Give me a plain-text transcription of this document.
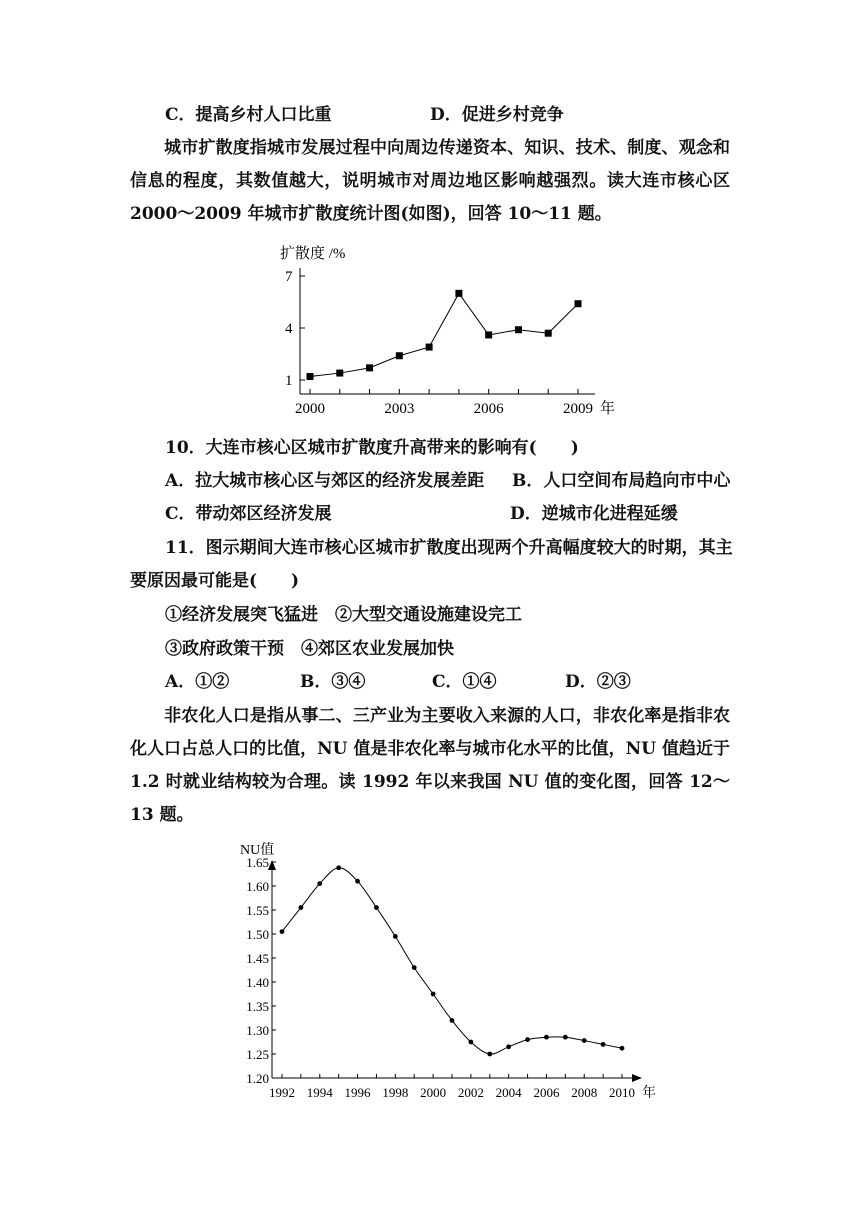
C．提高乡村人口比重	D．促进乡村竞争
城市扩散度指城市发展过程中向周边传递资本、知识、技术、制度、观念和信息的程度，其数值越大，说明城市对周边地区影响越强烈。读大连市核心区 2000～2009 年城市扩散度统计图(如图)，回答 10～11 题。
扩散度 /%
1
4
7
2000	2003	2006	2009 年
10．大连市核心区城市扩散度升高带来的影响有(　　)
A．拉大城市核心区与郊区的经济发展差距 B．人口空间布局趋向市中心
C．带动郊区经济发展	D．逆城市化进程延缓
11．图示期间大连市核心区城市扩散度出现两个升高幅度较大的时期，其主
要原因最可能是(　　)
①经济发展突飞猛进　②大型交通设施建设完工
③政府政策干预　④郊区农业发展加快
A．①②	B．③④	C．①④	D．②③
非农化人口是指从事二、三产业为主要收入来源的人口，非农化率是指非农化人口占总人口的比值，NU 值是非农化率与城市化水平的比值，NU 值趋近于 1.2 时就业结构较为合理。读 1992 年以来我国 NU 值的变化图，回答 12～13 题。
NU值
1.65
1.60
1.55
1.50
1.45
1.40
1.35
1.30
1.25
1.20
1992 1994 1996 1998 2000 2002 2004 2006 2008 2010 年
